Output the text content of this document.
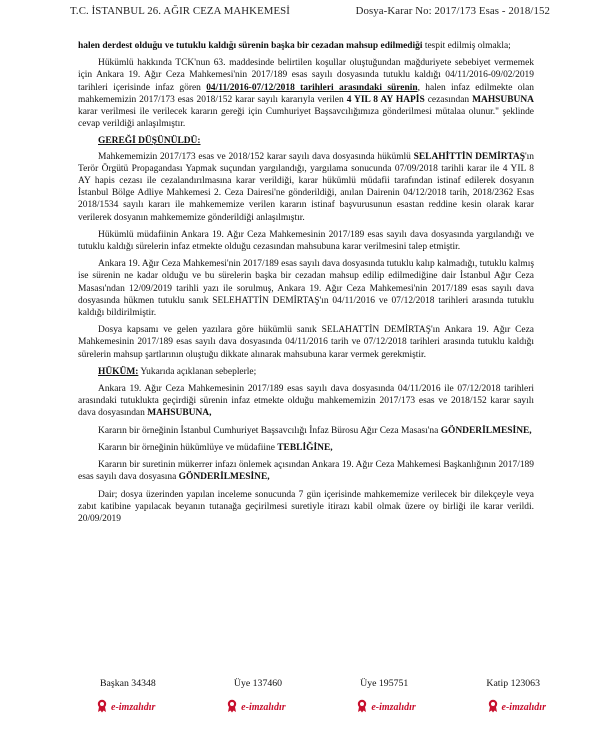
T.C. İSTANBUL 26. AĞIR CEZA MAHKEMESİ	Dosya-Karar No: 2017/173 Esas - 2018/152

halen derdest olduğu ve tutuklu kaldığı sürenin başka bir cezadan mahsup edilmediği tespit edilmiş olmakla;

Hükümlü hakkında TCK'nun 63. maddesinde belirtilen koşullar oluştuğundan mağduriyete sebebiyet vermemek için Ankara 19. Ağır Ceza Mahkemesi'nin 2017/189 esas sayılı dosyasında tutuklu kaldığı 04/11/2016-09/02/2019 tarihleri içerisinde infaz gören 04/11/2016-07/12/2018 tarihleri arasındaki sürenin, halen infaz edilmekte olan mahkememizin 2017/173 esas 2018/152 karar sayılı kararıyla verilen 4 YIL 8 AY HAPİS cezasından MAHSUBUNA karar verilmesi ile verilecek kararın gereği için Cumhuriyet Başsavcılığımıza gönderilmesi mütalaa olunur." şeklinde cevap verildiği anlaşılmıştır.

GEREĞİ DÜŞÜNÜLDÜ:

Mahkememizin 2017/173 esas ve 2018/152 karar sayılı dava dosyasında hükümlü SELAHİTTİN DEMİRTAŞ'ın Terör Örgütü Propagandası Yapmak suçundan yargılandığı, yargılama sonucunda 07/09/2018 tarihli karar ile 4 YIL 8 AY hapis cezası ile cezalandırılmasına karar verildiği, karar hükümlü müdafii tarafından istinaf edilerek dosyanın İstanbul Bölge Adliye Mahkemesi 2. Ceza Dairesi'ne gönderildiği, anılan Dairenin 04/12/2018 tarih, 2018/2362 Esas 2018/1534 sayılı kararı ile mahkememize verilen kararın istinaf başvurusunun esastan reddine kesin olarak karar verilerek dosyanın mahkememize gönderildiği anlaşılmıştır.

Hükümlü müdafiinin Ankara 19. Ağır Ceza Mahkemesinin 2017/189 esas sayılı dava dosyasında yargılandığı ve tutuklu kaldığı sürelerin infaz etmekte olduğu cezasından mahsubuna karar verilmesini talep etmiştir.

Ankara 19. Ağır Ceza Mahkemesi'nin 2017/189 esas sayılı dava dosyasında tutuklu kalıp kalmadığı, tutuklu kalmış ise sürenin ne kadar olduğu ve bu sürelerin başka bir cezadan mahsup edilip edilmediğine dair İstanbul Ağır Ceza Masası'ndan 12/09/2019 tarihli yazı ile sorulmuş, Ankara 19. Ağır Ceza Mahkemesi'nin 2017/189 esas sayılı dava dosyasında hükmen tutuklu sanık SELEHATTİN DEMİRTAŞ'ın 04/11/2016 ve 07/12/2018 tarihleri arasında tutuklu kaldığı bildirilmiştir.

Dosya kapsamı ve gelen yazılara göre hükümlü sanık SELAHATTİN DEMİRTAŞ'ın Ankara 19. Ağır Ceza Mahkemesinin 2017/189 esas sayılı dava dosyasında 04/11/2016 tarih ve 07/12/2018 tarihleri arasında tutuklu kaldığı sürelerin mahsup şartlarının oluştuğu dikkate alınarak mahsubuna karar vermek gerekmiştir.

HÜKÜM: Yukarıda açıklanan sebeplerle;

Ankara 19. Ağır Ceza Mahkemesinin 2017/189 esas sayılı dava dosyasında 04/11/2016 ile 07/12/2018 tarihleri arasındaki tutuklukta geçirdiği sürenin infaz etmekte olduğu mahkememizin 2017/173 esas ve 2018/152 karar sayılı dava dosyasından MAHSUBUNA,

Kararın bir örneğinin İstanbul Cumhuriyet Başsavcılığı İnfaz Bürosu Ağır Ceza Masası'na GÖNDERİLMESİNE,

Kararın bir örneğinin hükümlüye ve müdafiine TEBLİĞİNE,

Kararın bir suretinin mükerrer infazı önlemek açısından Ankara 19. Ağır Ceza Mahkemesi Başkanlığının 2017/189 esas sayılı dava dosyasına GÖNDERİLMESİNE,

Dair; dosya üzerinden yapılan inceleme sonucunda 7 gün içerisinde mahkememize verilecek bir dilekçeyle veya zabıt katibine yapılacak beyanın tutanağa geçirilmesi suretiyle itirazı kabil olmak üzere oy birliği ile karar verildi. 20/09/2019

Başkan 34348	Üye 137460	Üye 195751	Katip 123063
e-imzalıdır	e-imzalıdır	e-imzalıdır	e-imzalıdır
